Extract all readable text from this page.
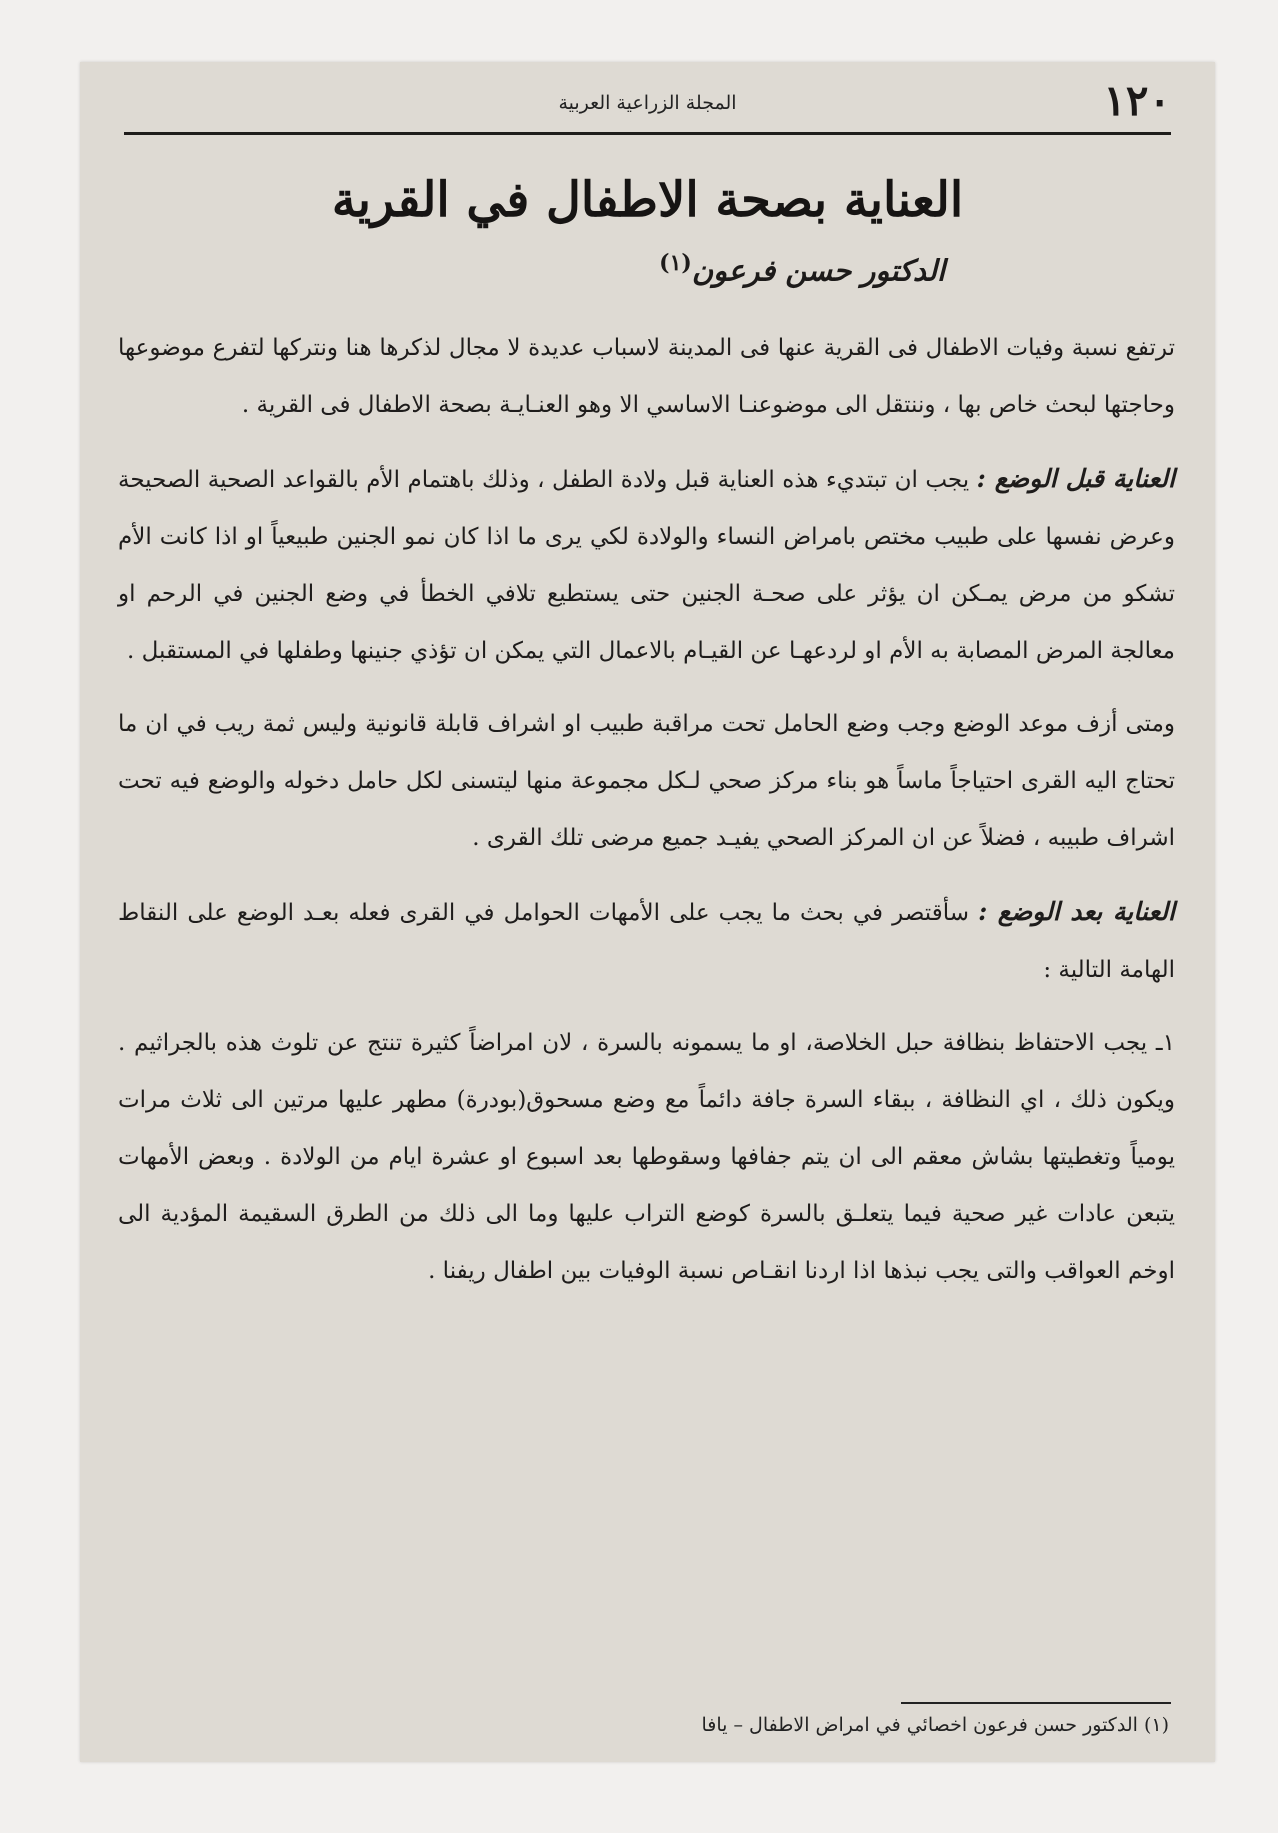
١٢٠
المجلة الزراعية العربية
العناية بصحة الاطفال في القرية
الدكتور حسن فرعون$^{(١)}$

ترتفع نسبة وفيات الاطفال فى القرية عنها فى المدينة لاسباب عديدة لا مجال لذكرها هنا ونتركها لتفرع موضوعها وحاجتها لبحث خاص بها ، وننتقل الى موضوعنـا الاساسي الا وهو العنـايـة بصحة الاطفال فى القرية .

العناية قبل الوضع : يجب ان تبتديء هذه العناية قبل ولادة الطفل ، وذلك باهتمام الأم بالقواعد الصحية الصحيحة وعرض نفسها على طبيب مختص بامراض النساء والولادة لكي يرى ما اذا كان نمو الجنين طبيعياً او اذا كانت الأم تشكو من مرض يمـكن ان يؤثر على صحـة الجنين حتى يستطيع تلافي الخطأ في وضع الجنين في الرحم او معالجة المرض المصابة به الأم او لردعهـا عن القيـام بالاعمال التي يمكن ان تؤذي جنينها وطفلها في المستقبل .

ومتى أزف موعد الوضع وجب وضع الحامل تحت مراقبة طبيب او اشراف قابلة قانونية وليس ثمة ريب في ان ما تحتاج اليه القرى احتياجاً ماساً هو بناء مركز صحي لـكل مجموعة منها ليتسنى لكل حامل دخوله والوضع فيه تحت اشراف طبيبه ، فضلاً عن ان المركز الصحي يفيـد جميع مرضى تلك القرى .

العناية بعد الوضع : سأقتصر في بحث ما يجب على الأمهات الحوامل في القرى فعله بعـد الوضع على النقاط الهامة التالية :

١ـ يجب الاحتفاظ بنظافة حبل الخلاصة، او ما يسمونه بالسرة ، لان امراضاً كثيرة تنتج عن تلوث هذه بالجراثيم . ويكون ذلك ، اي النظافة ، ببقاء السرة جافة دائماً مع وضع مسحوق(بودرة) مطهر عليها مرتين الى ثلاث مرات يومياً وتغطيتها بشاش معقم الى ان يتم جفافها وسقوطها بعد اسبوع او عشرة ايام من الولادة . وبعض الأمهات يتبعن عادات غير صحية فيما يتعلـق بالسرة كوضع التراب عليها وما الى ذلك من الطرق السقيمة المؤدية الى اوخم العواقب والتى يجب نبذها اذا اردنا انقـاص نسبة الوفيات بين اطفال ريفنا .

(١) الدكتور حسن فرعون اخصائي في امراض الاطفال – يافا
